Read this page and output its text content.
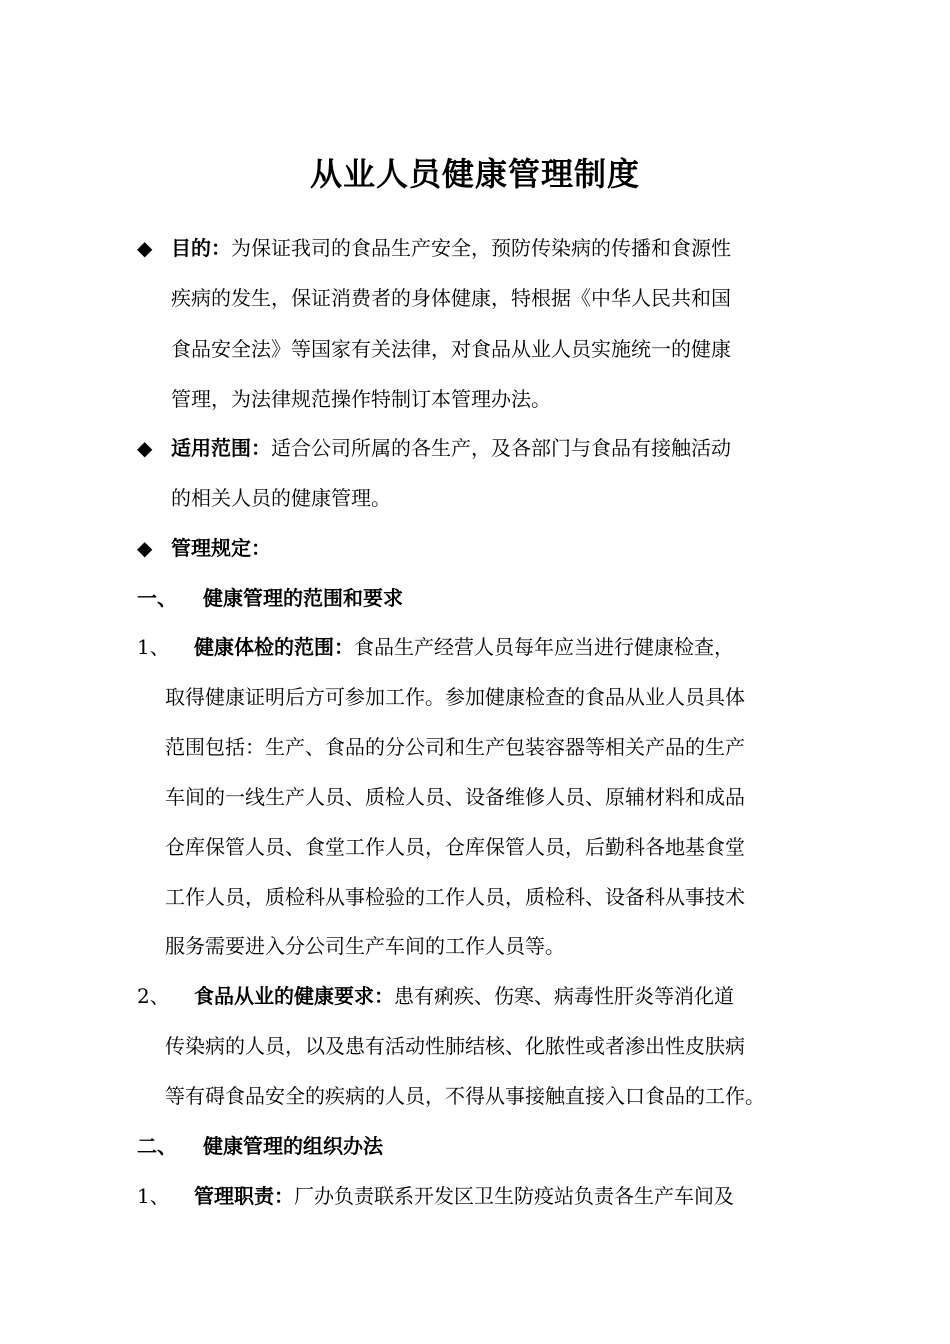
从业人员健康管理制度
◆ 目的：为保证我司的食品生产安全，预防传染病的传播和食源性
疾病的发生，保证消费者的身体健康，特根据《中华人民共和国
食品安全法》等国家有关法律，对食品从业人员实施统一的健康
管理，为法律规范操作特制订本管理办法。
◆ 适用范围：适合公司所属的各生产，及各部门与食品有接触活动
的相关人员的健康管理。
◆ 管理规定：
一、 健康管理的范围和要求
1、 健康体检的范围：食品生产经营人员每年应当进行健康检查，
取得健康证明后方可参加工作。参加健康检查的食品从业人员具体
范围包括：生产、食品的分公司和生产包装容器等相关产品的生产
车间的一线生产人员、质检人员、设备维修人员、原辅材料和成品
仓库保管人员、食堂工作人员，仓库保管人员，后勤科各地基食堂
工作人员，质检科从事检验的工作人员，质检科、设备科从事技术
服务需要进入分公司生产车间的工作人员等。
2、 食品从业的健康要求：患有痢疾、伤寒、病毒性肝炎等消化道
传染病的人员，以及患有活动性肺结核、化脓性或者渗出性皮肤病
等有碍食品安全的疾病的人员，不得从事接触直接入口食品的工作。
二、 健康管理的组织办法
1、 管理职责：厂办负责联系开发区卫生防疫站负责各生产车间及
